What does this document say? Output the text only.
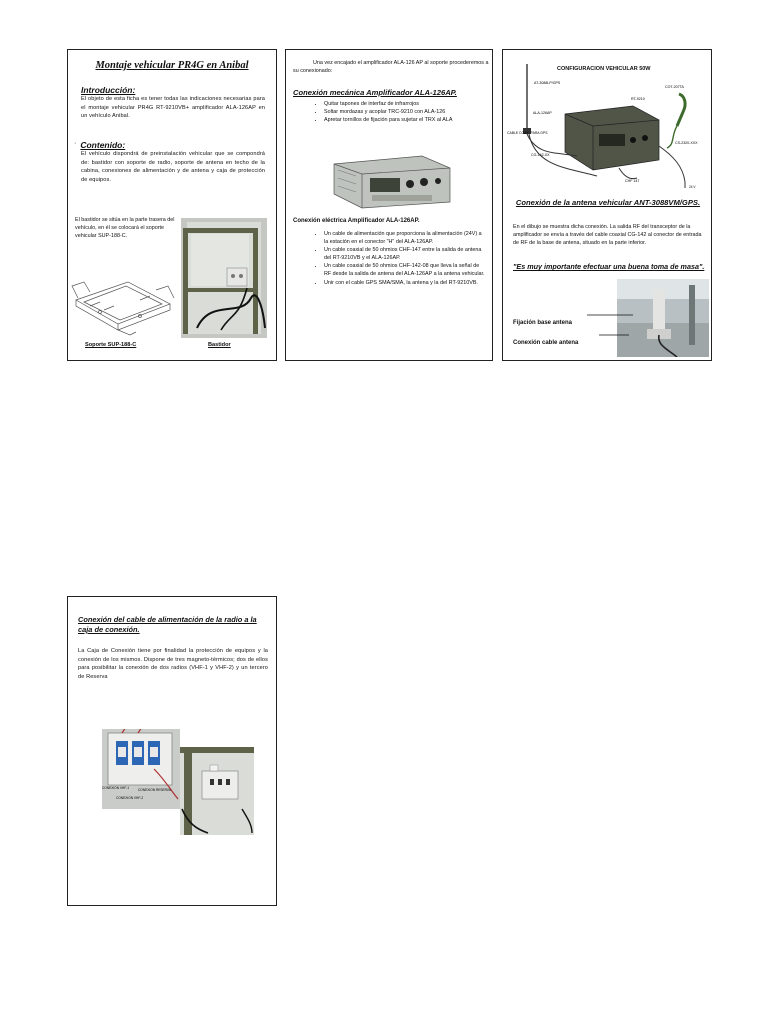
Montaje vehicular PR4G en Anibal
Introducción:

El objeto de esta ficha es tener todas las indicaciones necesarias para el montaje vehicular PR4G RT-9210VB+ amplificador ALA-126AP en un vehículo Anibal.

· Contenido:

El vehículo dispondrá de preinstalación vehicular que se compondrá de: bastidor con soporte de radio, soporte de antena en techo de la cabina, conexiones de alimentación y de antena y caja de protección de equipos.

El bastidor se sitúa en la parte trasera del vehículo, en él se colocará el soporte vehicular SUP-188-C.

Soporte SUP-188-C	Bastidor

Una vez encajado el amplificador ALA-126 AP al soporte procederemos a su conexionado:

Conexión mecánica Amplificador ALA-126AP.
• Quitar tapones de interfaz de infrarrojos
• Soltar mordazas y acoplar TRC-9210 con ALA-126
• Apretar tornillos de fijación para sujetar el TRX al ALA
Conexión eléctrica Amplificador ALA-126AP.
• Un cable de alimentación que proporciona la alimentación (24V) a la estación en el conector "H" del ALA-126AP.
• Un cable coaxial de 50 ohmios CHF-147 entre la salida de antena del RT-9210VB y el ALA-126AP.
• Un cable coaxial de 50 ohmios CHF-142-08 que lleva la señal de RF desde la salida de antena del ALA-126AP a la antena vehicular.
• Unir con el cable GPS SMA/SMA, la antena y la del RT-9210VB.
CONFIGURACION VEHICULAR 50W
AT-3088LP/GPS
ALA-126AP
CABLE COAX. PARA GPS
CG-142-XX
COT-207TA
RT-9210
CS-2320-XXX
CHF 147
24 V
Conexión de la antena vehicular ANT-3088VM/GPS.

En el dibujo se muestra dicha conexión. La salida RF del transceptor de la amplificador se envía a través del cable coaxial CG-142 al conector de entrada de RF de la base de antena, situado en la parte inferior.

"Es muy importante efectuar una buena toma de masa".
Fijación base antena
Conexión cable antena
Conexión del cable de alimentación de la radio a la caja de conexión.

La Caja de Conexión tiene por finalidad la protección de equipos y la conexión de los mismos. Dispone de tres magneto-térmicos; dos de ellos para posibilitar la conexión de dos radios (VHF-1 y VHF-2) y un tercero de Reserva

CONEXION VHF-1
CONEXION VHF-2
CONEXION RESERVA
